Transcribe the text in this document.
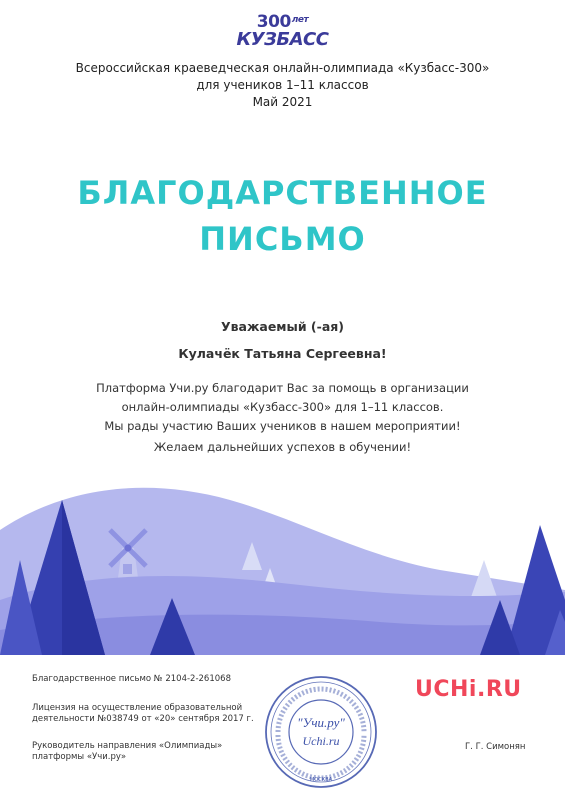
$300^{лет}$
КУЗБАСС
Всероссийская краеведческая онлайн-олимпиада «Кузбасс-300»
для учеников 1–11 классов
Май 2021
БЛАГОДАРСТВЕННОЕ
ПИСЬМО
Уважаемый (-ая)
Кулачёк Татьяна Сергеевна!
Платформа Учи.ру благодарит Вас за помощь в организации
онлайн-олимпиады «Кузбасс-300» для 1–11 классов.
Мы рады участию Ваших учеников в нашем мероприятии!
Желаем дальнейших успехов в обучении!
Благодарственное письмо № 2104-2-261068
Лицензия на осуществление образовательной
деятельности №038749 от «20» сентября 2017 г.
Руководитель направления «Олимпиады»
платформы «Учи.ру»
Г. Г. Симонян
UCHi.RU
"Учи.ру"
Uchi.ru
МОСКВА
